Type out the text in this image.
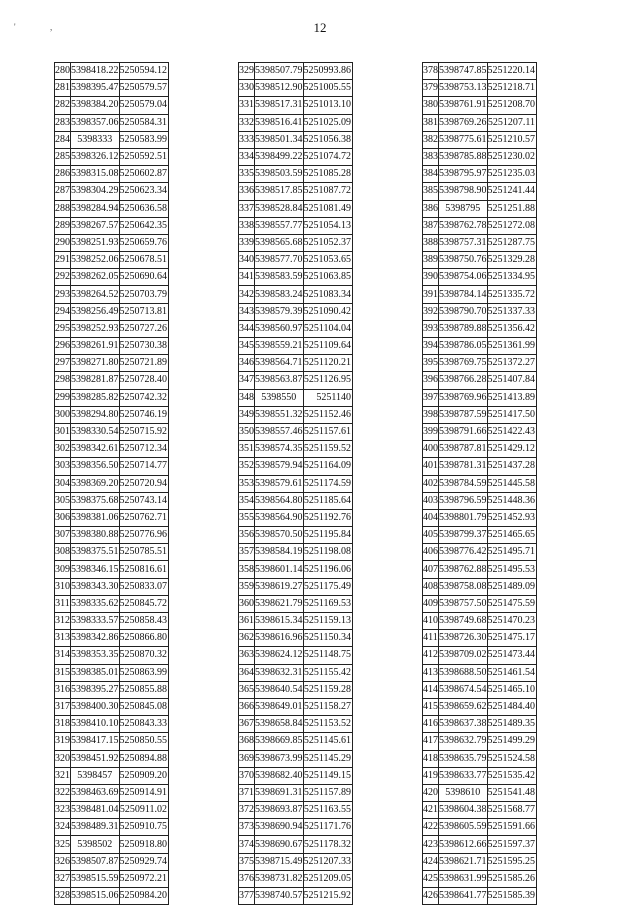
'	,	12
280	5398418.22	5250594.12
281	5398395.47	5250579.57
282	5398384.20	5250579.04
283	5398357.06	5250584.31
284	5398333	5250583.99
285	5398326.12	5250592.51
286	5398315.08	5250602.87
287	5398304.29	5250623.34
288	5398284.94	5250636.58
289	5398267.57	5250642.35
290	5398251.93	5250659.76
291	5398252.06	5250678.51
292	5398262.05	5250690.64
293	5398264.52	5250703.79
294	5398256.49	5250713.81
295	5398252.93	5250727.26
296	5398261.91	5250730.38
297	5398271.80	5250721.89
298	5398281.87	5250728.40
299	5398285.82	5250742.32
300	5398294.80	5250746.19
301	5398330.54	5250715.92
302	5398342.61	5250712.34
303	5398356.50	5250714.77
304	5398369.20	5250720.94
305	5398375.68	5250743.14
306	5398381.06	5250762.71
307	5398380.88	5250776.96
308	5398375.51	5250785.51
309	5398346.15	5250816.61
310	5398343.30	5250833.07
311	5398335.62	5250845.72
312	5398333.57	5250858.43
313	5398342.86	5250866.80
314	5398353.35	5250870.32
315	5398385.01	5250863.99
316	5398395.27	5250855.88
317	5398400.30	5250845.08
318	5398410.10	5250843.33
319	5398417.15	5250850.55
320	5398451.92	5250894.88
321	5398457	5250909.20
322	5398463.69	5250914.91
323	5398481.04	5250911.02
324	5398489.31	5250910.75
325	5398502	5250918.80
326	5398507.87	5250929.74
327	5398515.59	5250972.21
328	5398515.06	5250984.20
329	5398507.79	5250993.86
330	5398512.90	5251005.55
331	5398517.31	5251013.10
332	5398516.41	5251025.09
333	5398501.34	5251056.38
334	5398499.22	5251074.72
335	5398503.59	5251085.28
336	5398517.85	5251087.72
337	5398528.84	5251081.49
338	5398557.77	5251054.13
339	5398565.68	5251052.37
340	5398577.70	5251053.65
341	5398583.59	5251063.85
342	5398583.24	5251083.34
343	5398579.39	5251090.42
344	5398560.97	5251104.04
345	5398559.21	5251109.64
346	5398564.71	5251120.21
347	5398563.87	5251126.95
348	5398550	5251140
349	5398551.32	5251152.46
350	5398557.46	5251157.61
351	5398574.35	5251159.52
352	5398579.94	5251164.09
353	5398579.61	5251174.59
354	5398564.80	5251185.64
355	5398564.90	5251192.76
356	5398570.50	5251195.84
357	5398584.19	5251198.08
358	5398601.14	5251196.06
359	5398619.27	5251175.49
360	5398621.79	5251169.53
361	5398615.34	5251159.13
362	5398616.96	5251150.34
363	5398624.12	5251148.75
364	5398632.31	5251155.42
365	5398640.54	5251159.28
366	5398649.01	5251158.27
367	5398658.84	5251153.52
368	5398669.85	5251145.61
369	5398673.99	5251145.29
370	5398682.40	5251149.15
371	5398691.31	5251157.89
372	5398693.87	5251163.55
373	5398690.94	5251171.76
374	5398690.67	5251178.32
375	5398715.49	5251207.33
376	5398731.82	5251209.05
377	5398740.57	5251215.92
378	5398747.85	5251220.14
379	5398753.13	5251218.71
380	5398761.91	5251208.70
381	5398769.26	5251207.11
382	5398775.61	5251210.57
383	5398785.88	5251230.02
384	5398795.97	5251235.03
385	5398798.90	5251241.44
386	5398795	5251251.88
387	5398762.78	5251272.08
388	5398757.31	5251287.75
389	5398750.76	5251329.28
390	5398754.06	5251334.95
391	5398784.14	5251335.72
392	5398790.70	5251337.33
393	5398789.88	5251356.42
394	5398786.05	5251361.99
395	5398769.75	5251372.27
396	5398766.28	5251407.84
397	5398769.96	5251413.89
398	5398787.59	5251417.50
399	5398791.66	5251422.43
400	5398787.81	5251429.12
401	5398781.31	5251437.28
402	5398784.59	5251445.58
403	5398796.59	5251448.36
404	5398801.79	5251452.93
405	5398799.37	5251465.65
406	5398776.42	5251495.71
407	5398762.88	5251495.53
408	5398758.08	5251489.09
409	5398757.50	5251475.59
410	5398749.68	5251470.23
411	5398726.30	5251475.17
412	5398709.02	5251473.44
413	5398688.50	5251461.54
414	5398674.54	5251465.10
415	5398659.62	5251484.40
416	5398637.38	5251489.35
417	5398632.79	5251499.29
418	5398635.79	5251524.58
419	5398633.77	5251535.42
420	5398610	5251541.48
421	5398604.38	5251568.77
422	5398605.59	5251591.66
423	5398612.66	5251597.37
424	5398621.71	5251595.25
425	5398631.99	5251585.26
426	5398641.77	5251585.39
